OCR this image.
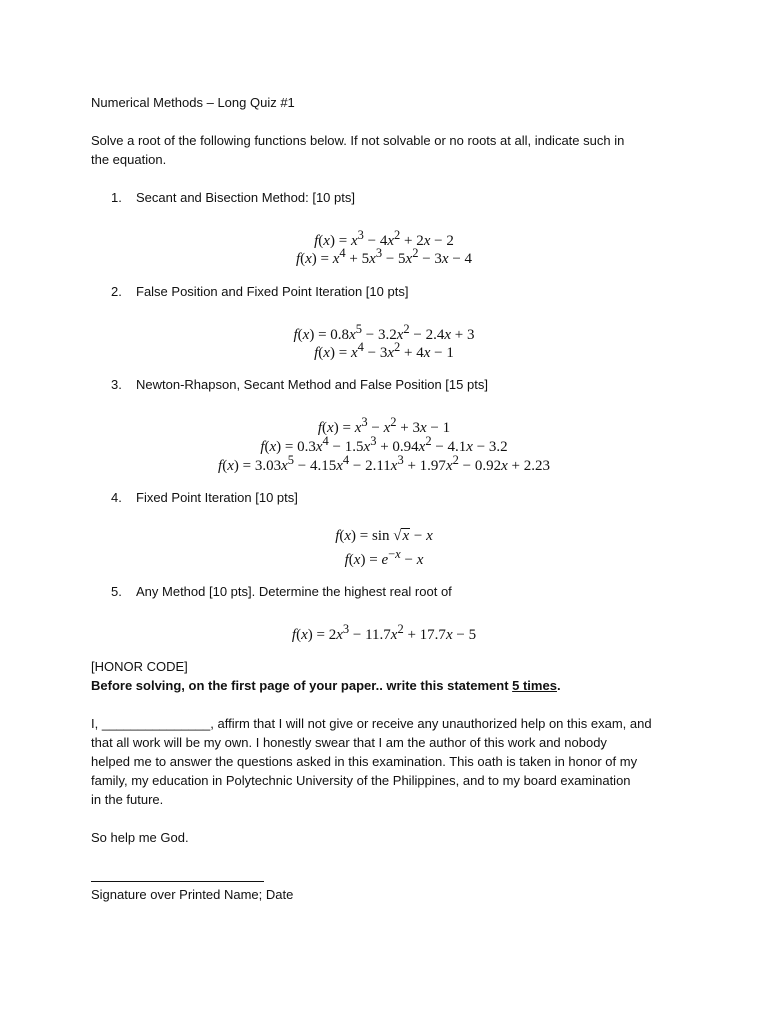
Numerical Methods – Long Quiz #1
Solve a root of the following functions below. If not solvable or no roots at all, indicate such in
the equation.
1. Secant and Bisection Method: [10 pts]
$f(x) = x^3 - 4x^2 + 2x - 2$
$f(x) = x^4 + 5x^3 - 5x^2 - 3x - 4$
2. False Position and Fixed Point Iteration [10 pts]
$f(x) = 0.8x^5 - 3.2x^2 - 2.4x + 3$
$f(x) = x^4 - 3x^2 + 4x - 1$
3. Newton-Rhapson, Secant Method and False Position [15 pts]
$f(x) = x^3 - x^2 + 3x - 1$
$f(x) = 0.3x^4 - 1.5x^3 + 0.94x^2 - 4.1x - 3.2$
$f(x) = 3.03x^5 - 4.15x^4 - 2.11x^3 + 1.97x^2 - 0.92x + 2.23$
4. Fixed Point Iteration [10 pts]
f(x) = sin √x − x
$f(x) = e^{-x} - x$
5. Any Method [10 pts]. Determine the highest real root of
$f(x) = 2x^3 - 11.7x^2 + 17.7x - 5$
[HONOR CODE]
Before solving, on the first page of your paper.. write this statement 5 times.
I, _______________, affirm that I will not give or receive any unauthorized help on this exam, and
that all work will be my own. I honestly swear that I am the author of this work and nobody
helped me to answer the questions asked in this examination. This oath is taken in honor of my
family, my education in Polytechnic University of the Philippines, and to my board examination
in the future.
So help me God.
Signature over Printed Name; Date
